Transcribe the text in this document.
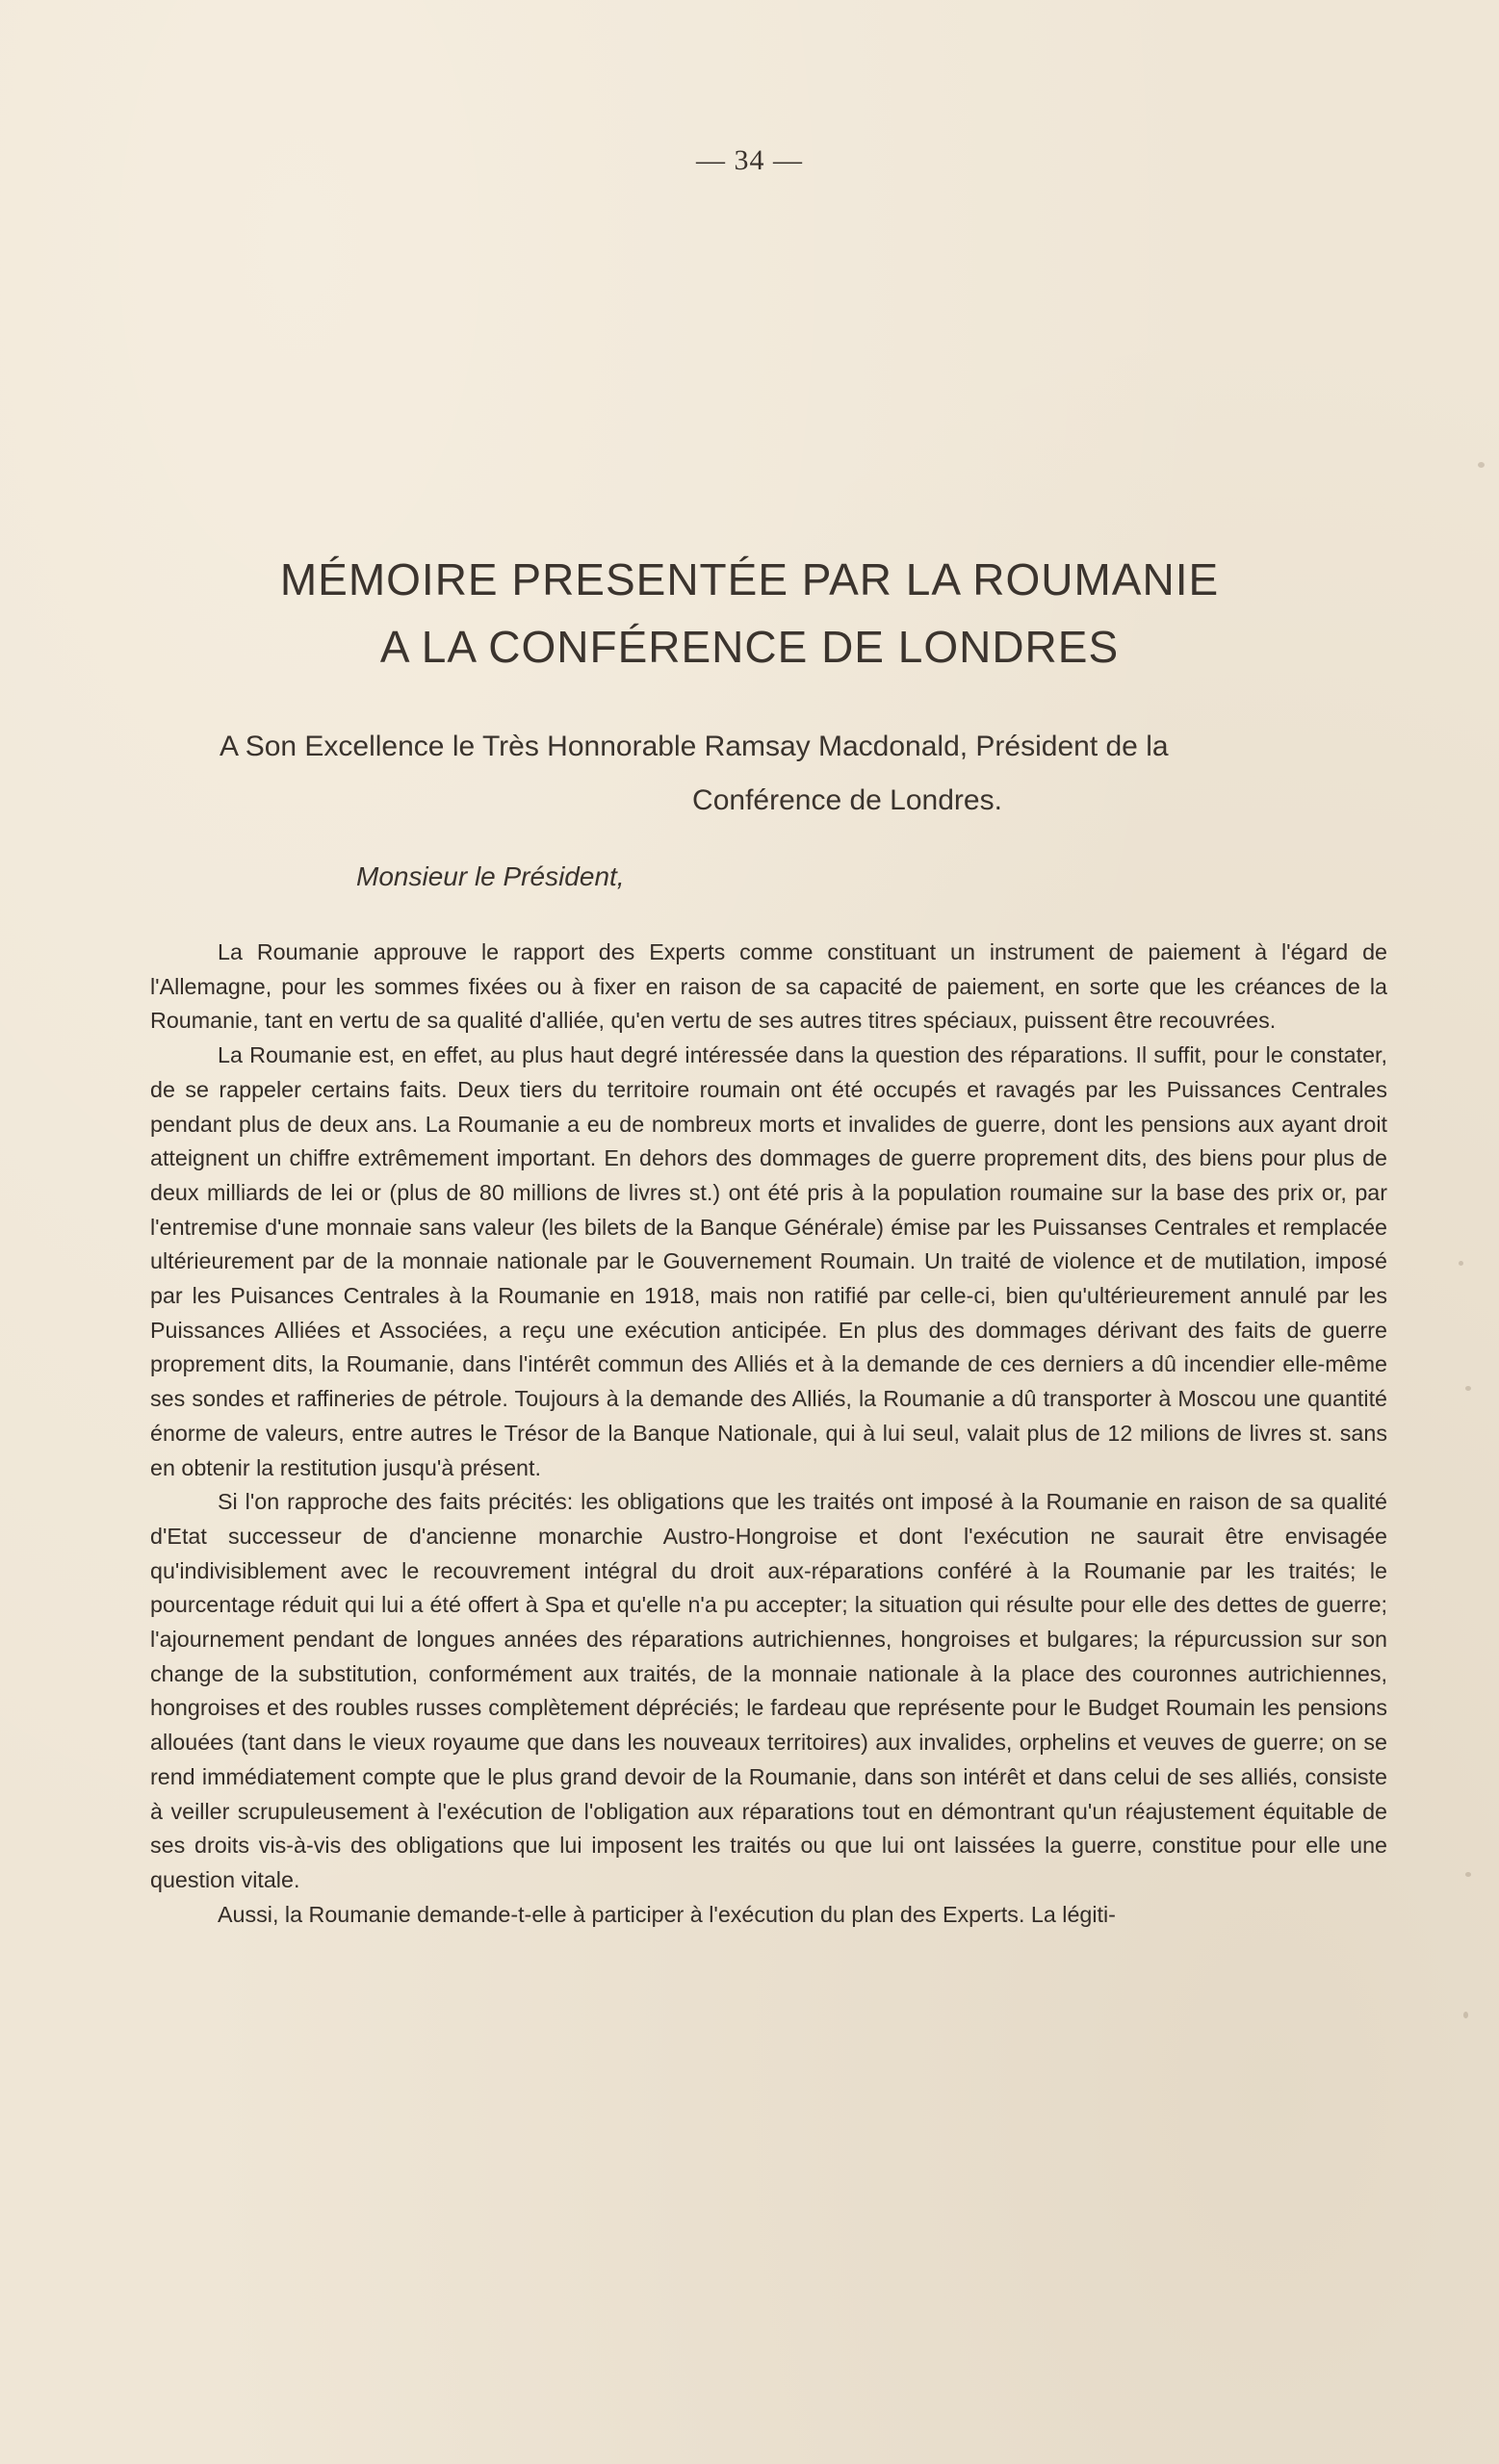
— 34 —
MÉMOIRE PRESENTÉE PAR LA ROUMANIE
A LA CONFÉRENCE DE LONDRES
A Son Excellence le Très Honnorable Ramsay Macdonald, Président de la
Conférence de Londres.
Monsieur le Président,

La Roumanie approuve le rapport des Experts comme constituant un instrument de paiement à l'égard de l'Allemagne, pour les sommes fixées ou à fixer en raison de sa capacité de paiement, en sorte que les créances de la Roumanie, tant en vertu de sa qualité d'alliée, qu'en vertu de ses autres titres spéciaux, puissent être recouvrées.

La Roumanie est, en effet, au plus haut degré intéressée dans la question des réparations. Il suffit, pour le constater, de se rappeler certains faits. Deux tiers du territoire roumain ont été occupés et ravagés par les Puissances Centrales pendant plus de deux ans. La Roumanie a eu de nombreux morts et invalides de guerre, dont les pensions aux ayant droit atteignent un chiffre extrêmement important. En dehors des dommages de guerre proprement dits, des biens pour plus de deux milliards de lei or (plus de 80 millions de livres st.) ont été pris à la population roumaine sur la base des prix or, par l'entremise d'une monnaie sans valeur (les bilets de la Banque Générale) émise par les Puissanses Centrales et remplacée ultérieurement par de la monnaie nationale par le Gouvernement Roumain. Un traité de violence et de mutilation, imposé par les Puisances Centrales à la Roumanie en 1918, mais non ratifié par celle-ci, bien qu'ultérieurement annulé par les Puissances Alliées et Associées, a reçu une exécution anticipée. En plus des dommages dérivant des faits de guerre proprement dits, la Roumanie, dans l'intérêt commun des Alliés et à la demande de ces derniers a dû incendier elle-même ses sondes et raffineries de pétrole. Toujours à la demande des Alliés, la Roumanie a dû transporter à Moscou une quantité énorme de valeurs, entre autres le Trésor de la Banque Nationale, qui à lui seul, valait plus de 12 milions de livres st. sans en obtenir la restitution jusqu'à présent.

Si l'on rapproche des faits précités: les obligations que les traités ont imposé à la Roumanie en raison de sa qualité d'Etat successeur de d'ancienne monarchie Austro-Hongroise et dont l'exécution ne saurait être envisagée qu'indivisiblement avec le recouvrement intégral du droit aux-réparations conféré à la Roumanie par les traités; le pourcentage réduit qui lui a été offert à Spa et qu'elle n'a pu accepter; la situation qui résulte pour elle des dettes de guerre; l'ajournement pendant de longues années des réparations autrichiennes, hongroises et bulgares; la répurcussion sur son change de la substitution, conformément aux traités, de la monnaie nationale à la place des couronnes autrichiennes, hongroises et des roubles russes complètement dépréciés; le fardeau que représente pour le Budget Roumain les pensions allouées (tant dans le vieux royaume que dans les nouveaux territoires) aux invalides, orphelins et veuves de guerre; on se rend immédiatement compte que le plus grand devoir de la Roumanie, dans son intérêt et dans celui de ses alliés, consiste à veiller scrupuleusement à l'exécution de l'obligation aux réparations tout en démontrant qu'un réajustement équitable de ses droits vis-à-vis des obligations que lui imposent les traités ou que lui ont laissées la guerre, constitue pour elle une question vitale.

Aussi, la Roumanie demande-t-elle à participer à l'exécution du plan des Experts. La légiti-
